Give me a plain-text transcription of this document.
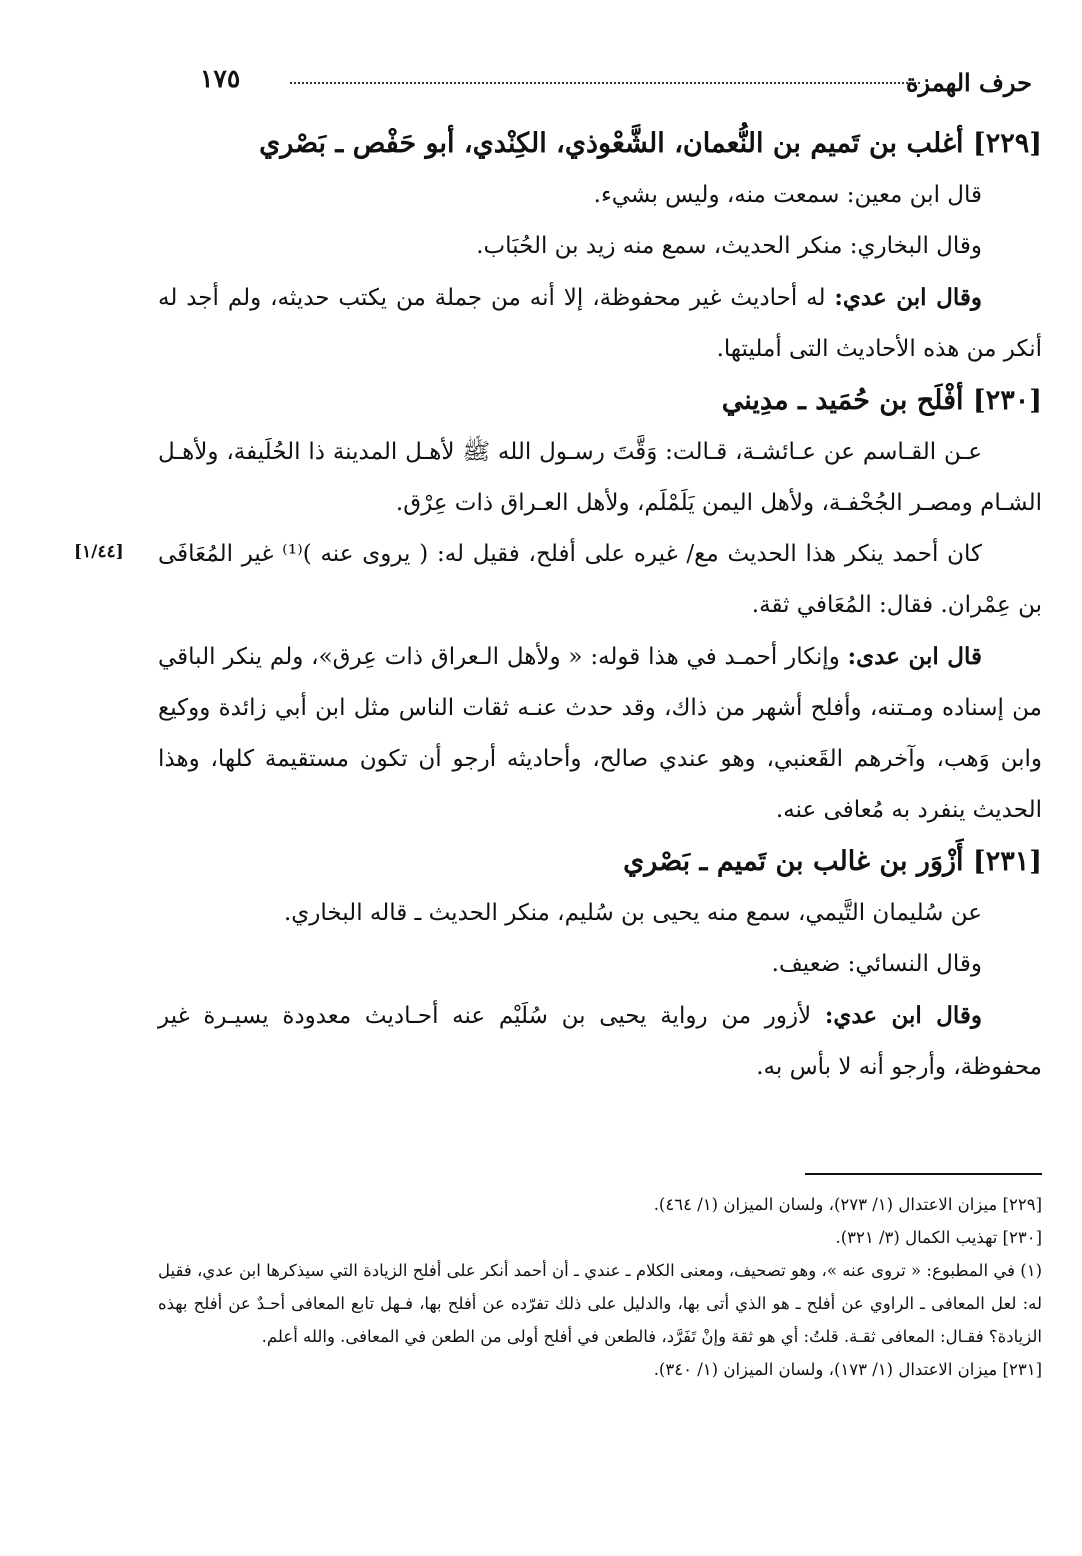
حرف الهمزة
١٧٥
[١/٤٤]

[٢٢٩] أغلب بن تَميم بن النُّعمان، الشَّعْوذي، الكِنْدي، أبو حَفْص ـ بَصْري

قال ابن معين: سمعت منه، وليس بشيء.

وقال البخاري: منكر الحديث، سمع منه زيد بن الحُبَاب.

وقال ابن عدي: له أحاديث غير محفوظة، إلا أنه من جملة من يكتب حديثه، ولم أجد له أنكر من هذه الأحاديث التى أمليتها.

[٢٣٠] أفْلَح بن حُمَيد ـ مدِيني

عـن القـاسم عن عـائشـة، قـالت: وَقَّتَ رسـول الله ﷺ لأهـل المدينة ذا الحُلَيفة، ولأهـل الشـام ومصـر الجُحْفـة، ولأهل اليمن يَلَمْلَم، ولأهل العـراق ذات عِرْق.

كان أحمد ينكر هذا الحديث مع/ غيره على أفلح، فقيل له: ( يروى عنه )⁽¹⁾ غير المُعَافَى بن عِمْران. فقال: المُعَافي ثقة.

قال ابن عدى: وإنكار أحمـد في هذا قوله: « ولأهل الـعراق ذات عِرق»، ولم ينكر الباقي من إسناده ومـتنه، وأفلح أشهر من ذاك، وقد حدث عنـه ثقات الناس مثل ابن أبي زائدة ووكيع وابن وَهب، وآخرهم القَعنبي، وهو عندي صالح، وأحاديثه أرجو أن تكون مستقيمة كلها، وهذا الحديث ينفرد به مُعافى عنه.

[٢٣١] أَزْوَر بن غالب بن تَميم ـ بَصْري

عن سُليمان التَّيمي، سمع منه يحيى بن سُليم، منكر الحديث ـ قاله البخاري.

وقال النسائي: ضعيف.

وقال ابن عدي: لأزور من رواية يحيى بن سُلَيْم عنه أحـاديث معدودة يسيـرة غير محفوظة، وأرجو أنه لا بأس به.

[٢٢٩] ميزان الاعتدال (١/ ٢٧٣)، ولسان الميزان (١/ ٤٦٤).

[٢٣٠] تهذيب الكمال (٣/ ٣٢١).

(١) في المطبوع: « تروى عنه »، وهو تصحيف، ومعنى الكلام ـ عندي ـ أن أحمد أنكر على أفلح الزيادة التي سيذكرها ابن عدي، فقيل له: لعل المعافى ـ الراوي عن أفلح ـ هو الذي أتى بها، والدليل على ذلك تفرّده عن أفلح بها، فـهل تابع المعافى أحـدٌ عن أفلح بهذه الزيادة؟ فقـال: المعافى ثقـة. قلتُ: أي هو ثقة وإنْ تَفَرَّد، فالطعن في أفلح أولى من الطعن في المعافى. والله أعلم.

[٢٣١] ميزان الاعتدال (١/ ١٧٣)، ولسان الميزان (١/ ٣٤٠).
